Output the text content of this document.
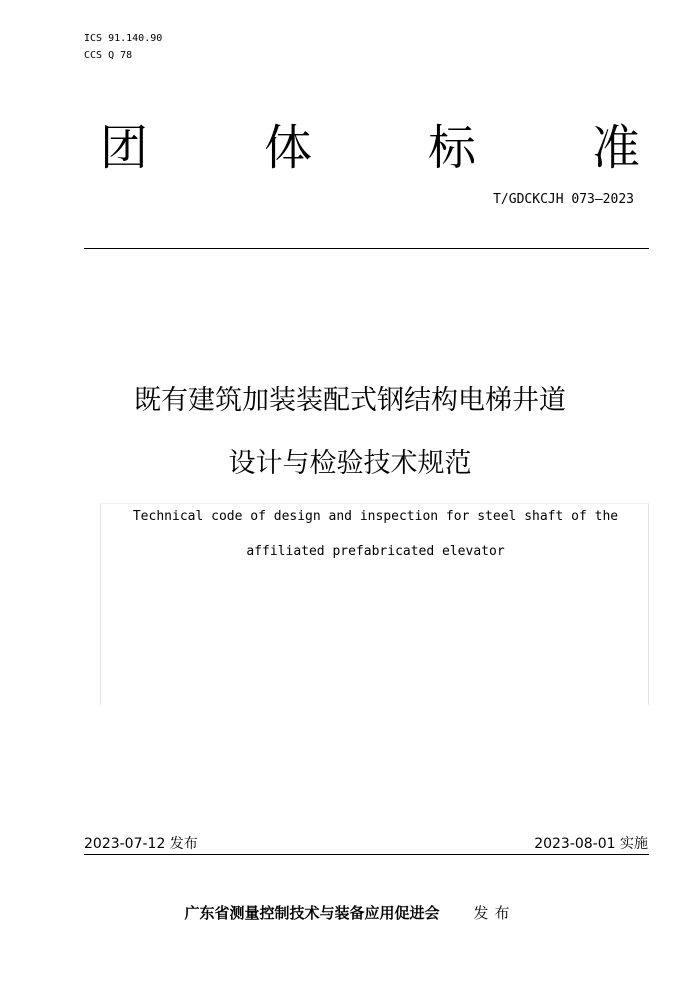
ICS 91.140.90
CCS Q 78
团 体 标 准
T/GDCKCJH 073—2023
既有建筑加装装配式钢结构电梯井道
设计与检验技术规范
Technical code of design and inspection for steel shaft of the
affiliated prefabricated elevator
2023-07-12 发布	2023-08-01 实施
广东省测量控制技术与装备应用促进会 发布
